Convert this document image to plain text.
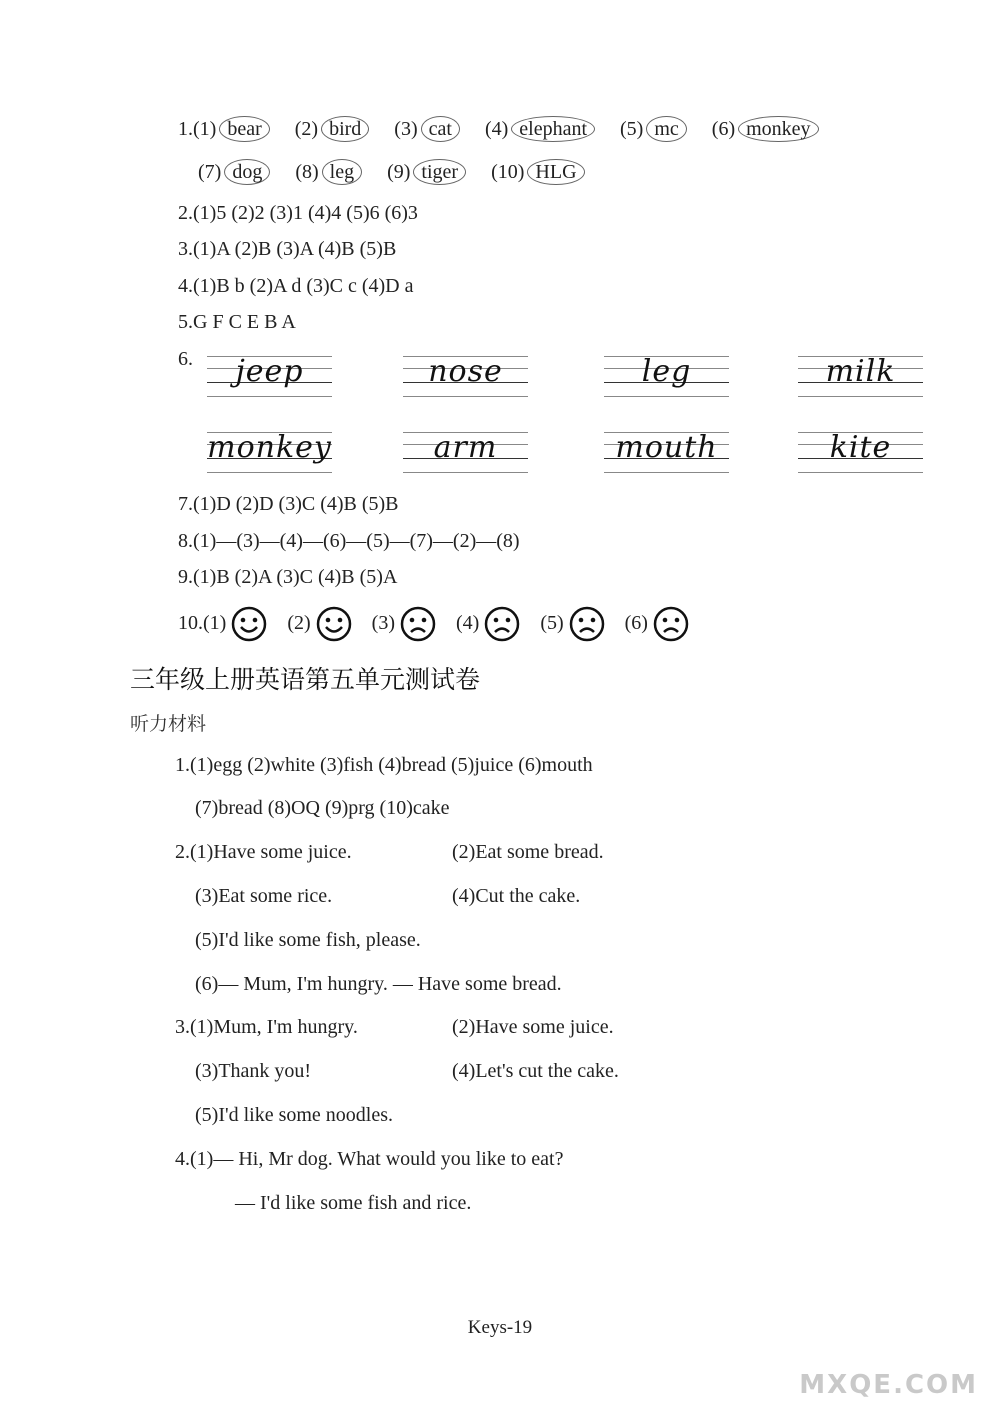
1.(1) bear (2) bird (3) cat (4) elephant (5) mc (6) monkey
(7) dog (8) leg (9) tiger (10) HLG
2.(1)5 (2)2 (3)1 (4)4 (5)6 (6)3
3.(1)A (2)B (3)A (4)B (5)B
4.(1)B b (2)A d (3)C c (4)D a
5.G F C E B A
6.	jeep	nose	leg	milk
monkey	arm	mouth	kite
7.(1)D (2)D (3)C (4)B (5)B
8.(1)—(3)—(4)—(6)—(5)—(7)—(2)—(8)
9.(1)B (2)A (3)C (4)B (5)A
10.(1)	(2)	(3)	(4)	(5)	(6)
三年级上册英语第五单元测试卷
听力材料
1.(1)egg (2)white (3)fish (4)bread (5)juice (6)mouth
(7)bread (8)OQ (9)prg (10)cake
2.(1)Have some juice.	(2)Eat some bread.
(3)Eat some rice.	(4)Cut the cake.
(5)I'd like some fish, please.
(6)— Mum, I'm hungry. — Have some bread.
3.(1)Mum, I'm hungry.	(2)Have some juice.
(3)Thank you!	(4)Let's cut the cake.
(5)I'd like some noodles.
4.(1)— Hi, Mr dog. What would you like to eat?
— I'd like some fish and rice.
Keys-19
MXQE.COM
